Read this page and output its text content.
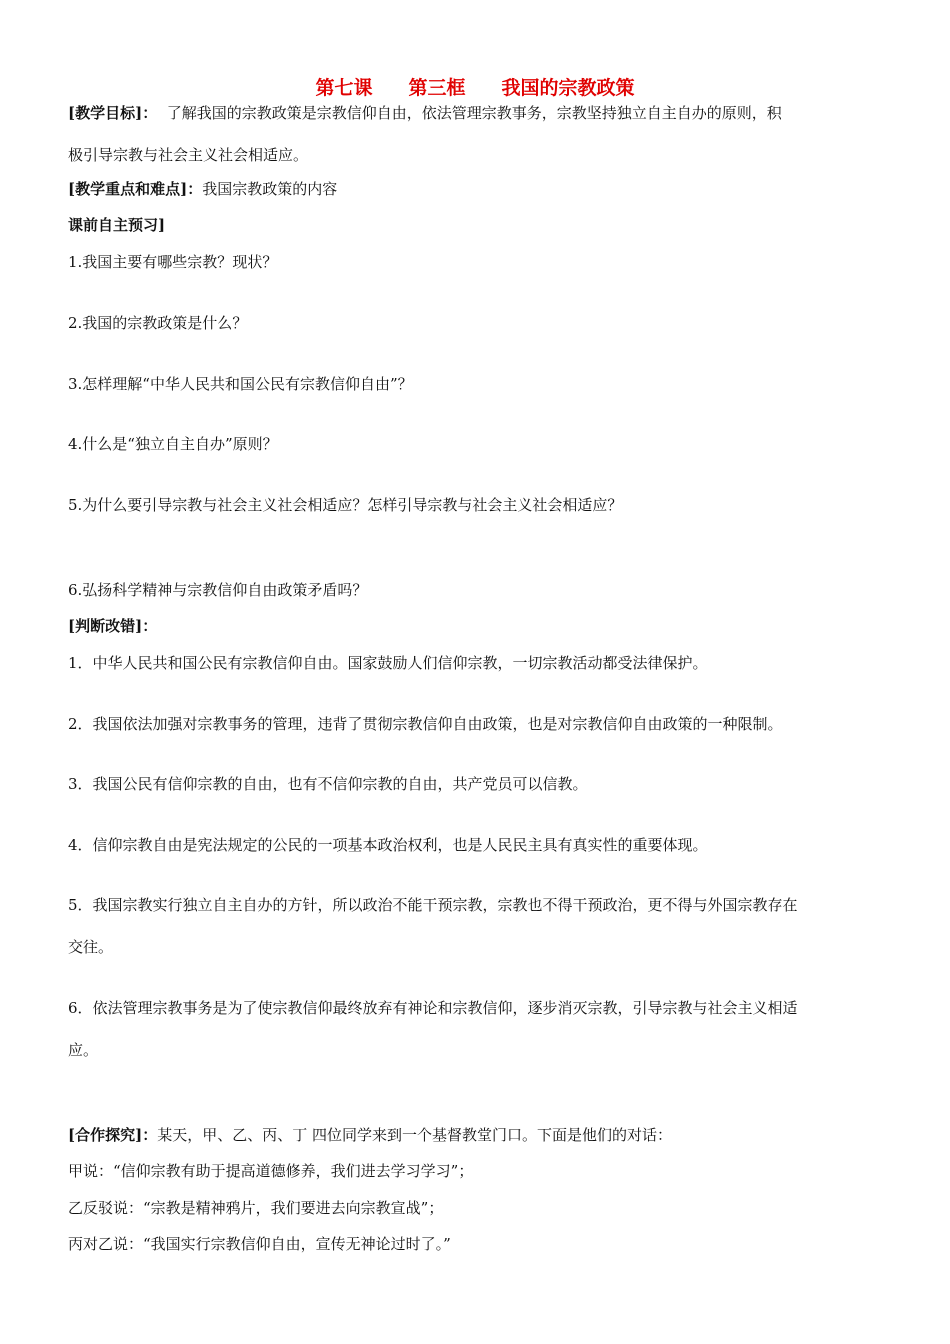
第七课 第三框 我国的宗教政策
[教学目标]： 了解我国的宗教政策是宗教信仰自由，依法管理宗教事务，宗教坚持独立自主自办的原则，积
极引导宗教与社会主义社会相适应。
[教学重点和难点]：我国宗教政策的内容
课前自主预习]
1.我国主要有哪些宗教？现状？
2.我国的宗教政策是什么？
3.怎样理解“中华人民共和国公民有宗教信仰自由”？
4.什么是“独立自主自办”原则？
5.为什么要引导宗教与社会主义社会相适应？怎样引导宗教与社会主义社会相适应？
6.弘扬科学精神与宗教信仰自由政策矛盾吗？
[判断改错]：
1．中华人民共和国公民有宗教信仰自由。国家鼓励人们信仰宗教，一切宗教活动都受法律保护。
2．我国依法加强对宗教事务的管理，违背了贯彻宗教信仰自由政策，也是对宗教信仰自由政策的一种限制。
3．我国公民有信仰宗教的自由，也有不信仰宗教的自由，共产党员可以信教。
4．信仰宗教自由是宪法规定的公民的一项基本政治权利，也是人民民主具有真实性的重要体现。
5．我国宗教实行独立自主自办的方针，所以政治不能干预宗教，宗教也不得干预政治，更不得与外国宗教存在
交往。
6．依法管理宗教事务是为了使宗教信仰最终放弃有神论和宗教信仰，逐步消灭宗教，引导宗教与社会主义相适
应。
[合作探究]：某天，甲、乙、丙、丁 四位同学来到一个基督教堂门口。下面是他们的对话：
甲说：“信仰宗教有助于提高道德修养，我们进去学习学习”；
乙反驳说：“宗教是精神鸦片，我们要进去向宗教宣战”；
丙对乙说：“我国实行宗教信仰自由，宣传无神论过时了。”
